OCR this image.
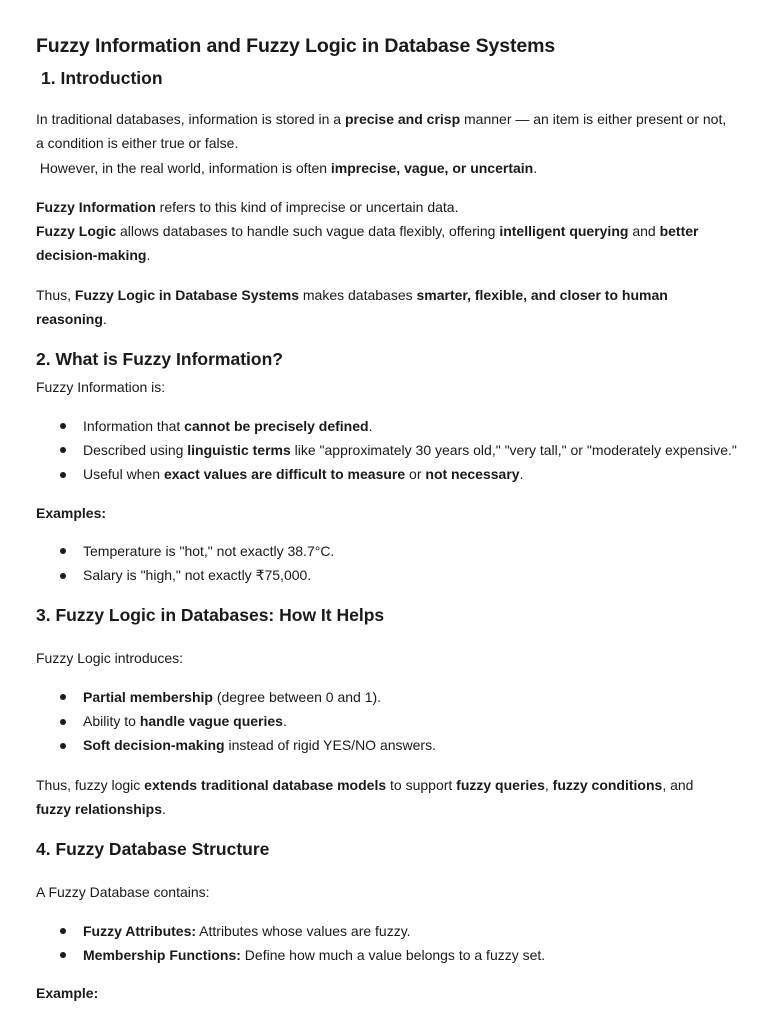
Fuzzy Information and Fuzzy Logic in Database Systems
1. Introduction

In traditional databases, information is stored in a precise and crisp manner — an item is either present or not, a condition is either true or false.
However, in the real world, information is often imprecise, vague, or uncertain.

Fuzzy Information refers to this kind of imprecise or uncertain data.
Fuzzy Logic allows databases to handle such vague data flexibly, offering intelligent querying and better decision-making.

Thus, Fuzzy Logic in Database Systems makes databases smarter, flexible, and closer to human reasoning.

2. What is Fuzzy Information?

Fuzzy Information is:

Information that cannot be precisely defined.
Described using linguistic terms like "approximately 30 years old," "very tall," or "moderately expensive."
Useful when exact values are difficult to measure or not necessary.

Examples:

Temperature is "hot," not exactly 38.7°C.
Salary is "high," not exactly ₹75,000.
3. Fuzzy Logic in Databases: How It Helps

Fuzzy Logic introduces:

Partial membership (degree between 0 and 1).
Ability to handle vague queries.
Soft decision-making instead of rigid YES/NO answers.

Thus, fuzzy logic extends traditional database models to support fuzzy queries, fuzzy conditions, and fuzzy relationships.

4. Fuzzy Database Structure

A Fuzzy Database contains:

Fuzzy Attributes: Attributes whose values are fuzzy.
Membership Functions: Define how much a value belongs to a fuzzy set.

Example:
